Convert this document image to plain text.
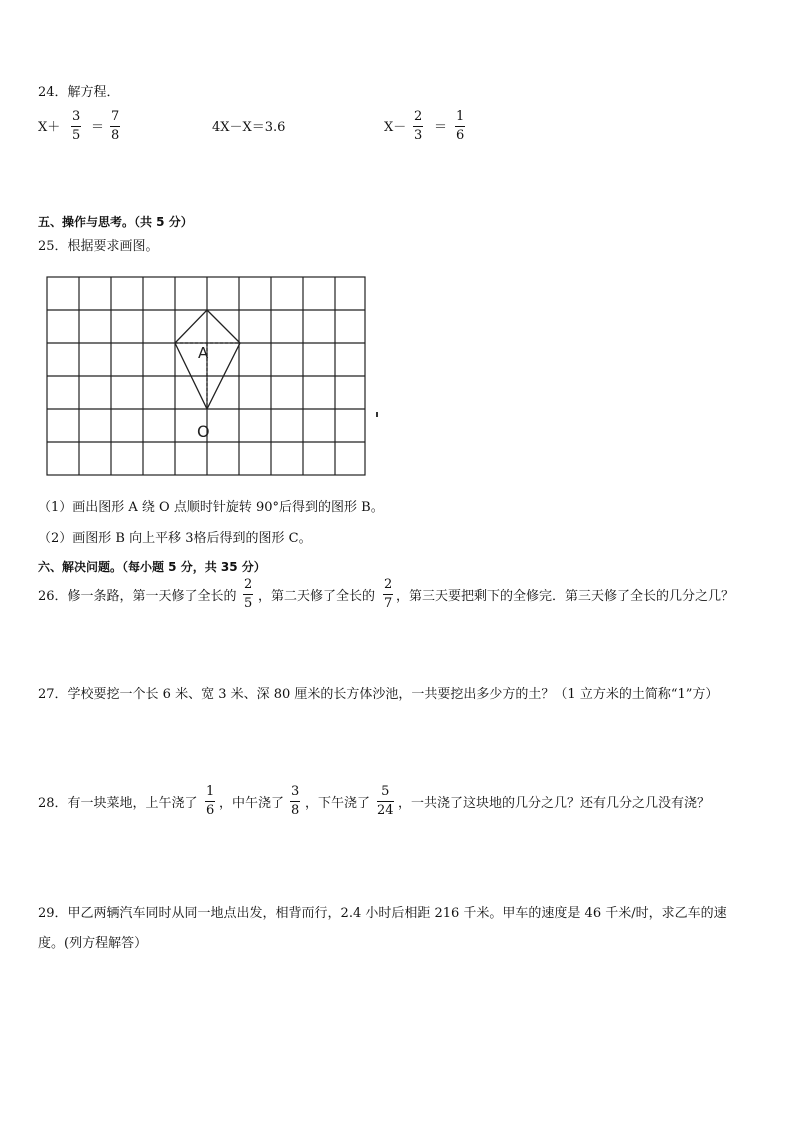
24．解方程．
X＋
3
5
＝
7
8
4X－X＝3.6	X－
2
3
＝
1
6
五、操作与思考。（共 5 分）
25．根据要求画图。
A
O
（1）画出图形 A 绕 O 点顺时针旋转 90°后得到的图形 B。
（2）画图形 B 向上平移 3格后得到的图形 C。
六、解决问题。（每小题 5 分，共 35 分）
26．修一条路，第一天修了全长的
2
5 ，第二天修了全长的
2
7 ，第三天要把剩下的全修完．第三天修了全长的几分之几？
27．学校要挖一个长 6 米、宽 3 米、深 80 厘米的长方体沙池，一共要挖出多少方的土？（1 立方米的土简称“1”方）
28．有一块菜地，上午浇了
1
6 ，中午浇了
3
8 ，下午浇了
5
24 ，一共浇了这块地的几分之几？还有几分之几没有浇？
29．甲乙两辆汽车同时从同一地点出发，相背而行，2.4 小时后相距 216 千米。甲车的速度是 46 千米/时，求乙车的速
度。(列方程解答）
